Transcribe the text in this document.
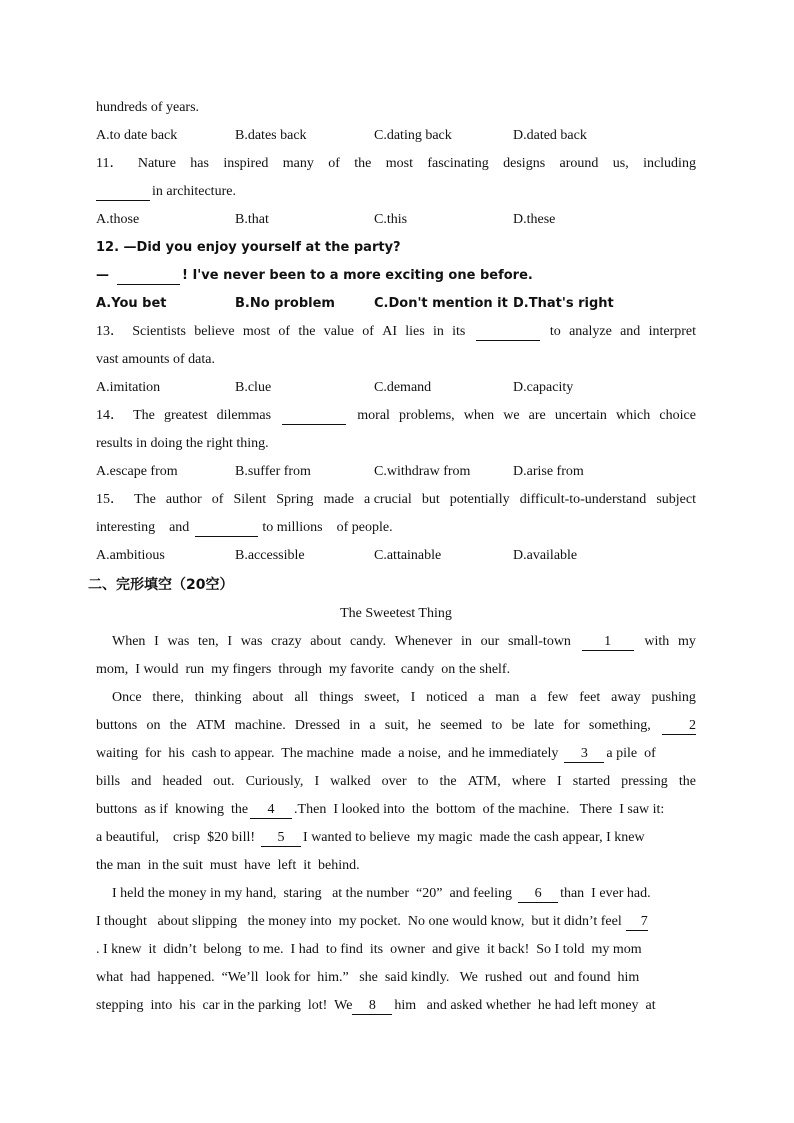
hundreds of years.
A.to date back	B.dates back	C.dating back	D.dated back
11． Nature has inspired many of the most fascinating designs around us, including
in architecture.
A.those	B.that	C.this	D.these
12. —Did you enjoy yourself at the party?
—	! I've never been to a more exciting one before.
A.You bet	B.No problem	C.Don't mention it D.That's right
13． Scientists believe most of the value of AI lies in its	to analyze and interpret
vast amounts of data.
A.imitation	B.clue	C.demand	D.capacity
14． The greatest dilemmas	moral problems, when we are uncertain which choice
results in doing the right thing.
A.escape from	B.suffer from	C.withdraw from	D.arise from
15． The author of Silent Spring made a crucial but potentially difficult-to-understand subject
interesting    and	to millions    of people.
A.ambitious	B.accessible	C.attainable	D.available
二、完形填空（20空）
The Sweetest Thing
When I was ten, I was crazy about candy. Whenever in our small-town	1	with my
mom,  I would  run  my fingers  through  my favorite  candy  on the shelf.
Once there, thinking about all things sweet, I noticed a man a few feet away pushing
buttons on the ATM machine. Dressed in a suit, he seemed to be late for something,	2
waiting  for  his  cash to appear.  The machine  made  a noise,  and he immediately	3	a pile  of
bills and headed out. Curiously, I walked over to the ATM, where I started pressing the
buttons  as if  knowing  the	4	.Then  I looked into  the  bottom  of the machine.   There  I saw it:
a beautiful,    crisp  $20 bill!	5	I wanted to believe  my magic  made the cash appear, I knew
the man  in the suit  must  have  left  it  behind.
I held the money in my hand,  staring   at the number  “20”  and feeling	6	than  I ever had.
I thought   about slipping   the money into  my pocket.  No one would know,  but it didn’t feel	7
. I knew  it  didn’t  belong  to me.  I had  to find  its  owner  and give  it back!  So I told  my mom
what  had  happened.  “We’ll  look for  him.”   she  said kindly.   We  rushed  out  and found  him
stepping  into  his  car in the parking  lot!  We	8	him   and asked whether  he had left money  at
